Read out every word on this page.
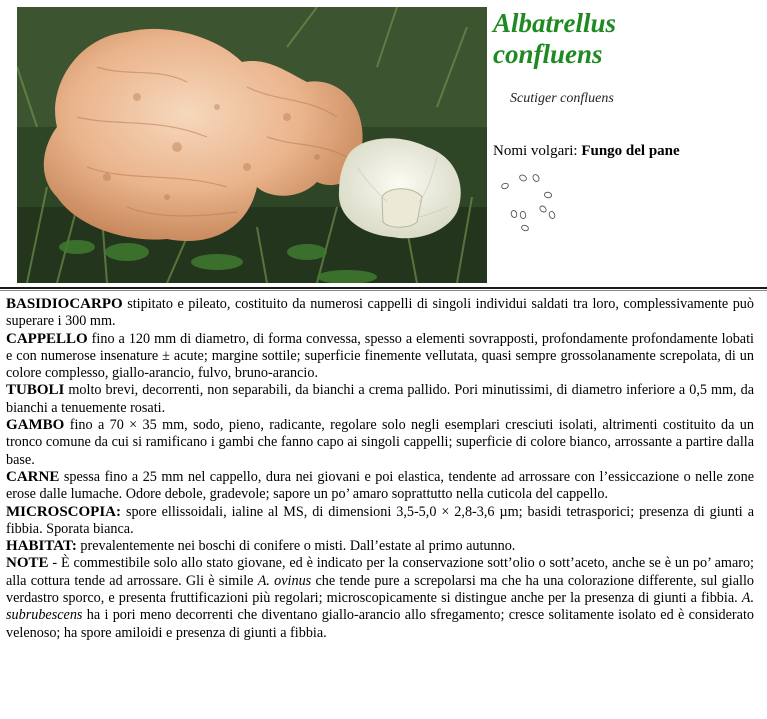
Albatrellus
confluens
Scutiger confluens
Nomi volgari: Fungo del pane

BASIDIOCARPO stipitato e pileato, costituito da numerosi cappelli di singoli individui saldati tra loro, complessivamente può superare i 300 mm.

CAPPELLO fino a 120 mm di diametro, di forma convessa, spesso a elementi sovrapposti, profondamente profondamente lobati e con numerose insenature ± acute; margine sottile; superficie finemente vellutata, quasi sempre grossolanamente screpolata, di un colore complesso, giallo-arancio, fulvo, bruno-arancio.

TUBOLI molto brevi, decorrenti, non separabili, da bianchi a crema pallido. Pori minutissimi, di diametro inferiore a 0,5 mm, da bianchi a tenuemente rosati.

GAMBO fino a 70 × 35 mm, sodo, pieno, radicante, regolare solo negli esemplari cresciuti isolati, altrimenti costituito da un tronco comune da cui si ramificano i gambi che fanno capo ai singoli cappelli; superficie di colore bianco, arrossante a partire dalla base.

CARNE spessa fino a 25 mm nel cappello, dura nei giovani e poi elastica, tendente ad arrossare con l’essiccazione o nelle zone erose dalle lumache. Odore debole, gradevole; sapore un po’ amaro soprattutto nella cuticola del cappello.

MICROSCOPIA: spore ellissoidali, ialine al MS, di dimensioni 3,5-5,0 × 2,8-3,6 µm; basidi tetrasporici; presenza di giunti a fibbia. Sporata bianca.

HABITAT: prevalentemente nei boschi di conifere o misti. Dall’estate al primo autunno.

NOTE - È commestibile solo allo stato giovane, ed è indicato per la conservazione sott’olio o sott’aceto, anche se è un po’ amaro; alla cottura tende ad arrossare. Gli è simile A. ovinus che tende pure a screpolarsi ma che ha una colorazione differente, sul giallo verdastro sporco, e presenta fruttificazioni più regolari; microscopicamente si distingue anche per la presenza di giunti a fibbia. A. subrubescens ha i pori meno decorrenti che diventano giallo-arancio allo sfregamento; cresce solitamente isolato ed è considerato velenoso; ha spore amiloidi e presenza di giunti a fibbia.
